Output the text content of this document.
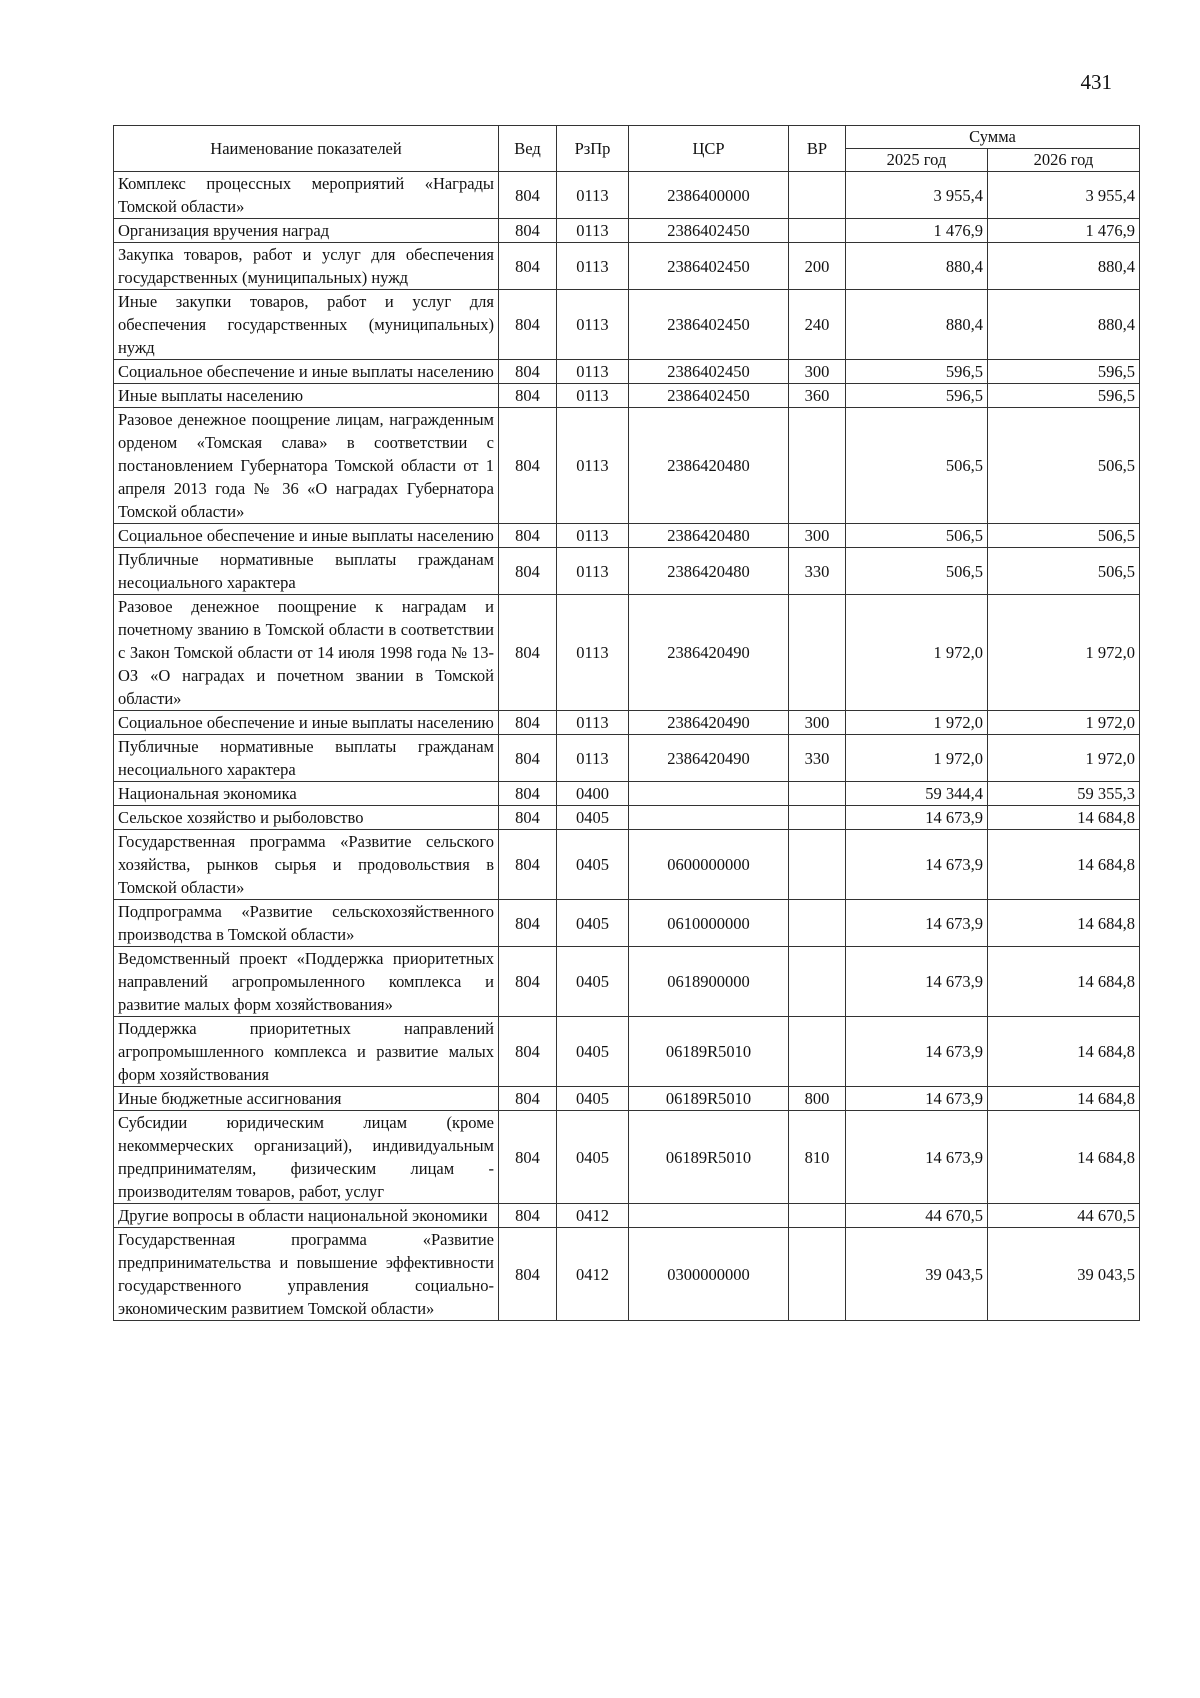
431
Наименование показателей	Вед	РзПр	ЦСР	ВР	Сумма	
					2025 год	2026 год
Комплекс процессных мероприятий «Награды Томской области»	804	0113	2386400000		3 955,4	3 955,4
Организация вручения наград	804	0113	2386402450		1 476,9	1 476,9
Закупка товаров, работ и услуг для обеспечения государственных (муниципальных) нужд	804	0113	2386402450	200	880,4	880,4
Иные закупки товаров, работ и услуг для обеспечения государственных (муниципальных) нужд	804	0113	2386402450	240	880,4	880,4
Социальное обеспечение и иные выплаты населению	804	0113	2386402450	300	596,5	596,5
Иные выплаты населению	804	0113	2386402450	360	596,5	596,5
Разовое денежное поощрение лицам, награжденным орденом «Томская слава» в соответствии с постановлением Губернатора Томской области от 1 апреля 2013 года № 36 «О наградах Губернатора Томской области»	804	0113	2386420480		506,5	506,5
Социальное обеспечение и иные выплаты населению	804	0113	2386420480	300	506,5	506,5
Публичные нормативные выплаты гражданам несоциального характера	804	0113	2386420480	330	506,5	506,5
Разовое денежное поощрение к наградам и почетному званию в Томской области в соответствии с Закон Томской области от 14 июля 1998 года № 13-ОЗ «О наградах и почетном звании в Томской области»	804	0113	2386420490		1 972,0	1 972,0
Социальное обеспечение и иные выплаты населению	804	0113	2386420490	300	1 972,0	1 972,0
Публичные нормативные выплаты гражданам несоциального характера	804	0113	2386420490	330	1 972,0	1 972,0
Национальная экономика	804	0400			59 344,4	59 355,3
Сельское хозяйство и рыболовство	804	0405			14 673,9	14 684,8
Государственная программа «Развитие сельского хозяйства, рынков сырья и продовольствия в Томской области»	804	0405	0600000000		14 673,9	14 684,8
Подпрограмма «Развитие сельскохозяйственного производства в Томской области»	804	0405	0610000000		14 673,9	14 684,8
Ведомственный проект «Поддержка приоритетных направлений агропромыленного комплекса и развитие малых форм хозяйствования»	804	0405	0618900000		14 673,9	14 684,8
Поддержка приоритетных направлений агропромышленного комплекса и развитие малых форм хозяйствования	804	0405	06189R5010		14 673,9	14 684,8
Иные бюджетные ассигнования	804	0405	06189R5010	800	14 673,9	14 684,8
Субсидии юридическим лицам (кроме некоммерческих организаций), индивидуальным предпринимателям, физическим лицам - производителям товаров, работ, услуг	804	0405	06189R5010	810	14 673,9	14 684,8
Другие вопросы в области национальной экономики	804	0412			44 670,5	44 670,5
Государственная программа «Развитие предпринимательства и повышение эффективности государственного управления социально-экономическим развитием Томской области»	804	0412	0300000000		39 043,5	39 043,5
